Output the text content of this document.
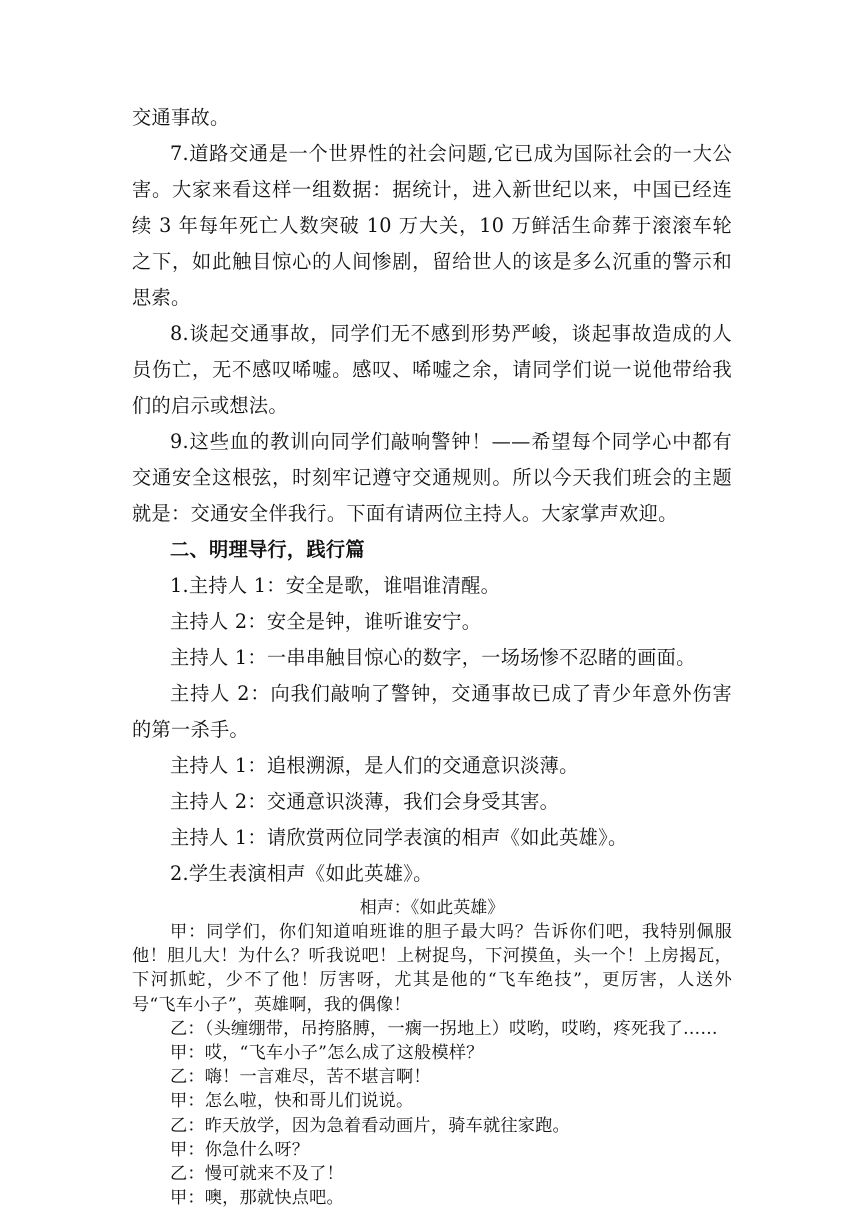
交通事故。

7.道路交通是一个世界性的社会问题,它已成为国际社会的一大公害。大家来看这样一组数据：据统计，进入新世纪以来，中国已经连续 3 年每年死亡人数突破 10 万大关，10 万鲜活生命葬于滚滚车轮之下，如此触目惊心的人间惨剧，留给世人的该是多么沉重的警示和思索。

8.谈起交通事故，同学们无不感到形势严峻，谈起事故造成的人员伤亡，无不感叹唏嘘。感叹、唏嘘之余，请同学们说一说他带给我们的启示或想法。

9.这些血的教训向同学们敲响警钟！——希望每个同学心中都有交通安全这根弦，时刻牢记遵守交通规则。所以今天我们班会的主题就是：交通安全伴我行。下面有请两位主持人。大家掌声欢迎。

二、明理导行，践行篇

1.主持人 1：安全是歌，谁唱谁清醒。

主持人 2：安全是钟，谁听谁安宁。

主持人 1：一串串触目惊心的数字，一场场惨不忍睹的画面。

主持人 2：向我们敲响了警钟，交通事故已成了青少年意外伤害的第一杀手。

主持人 1：追根溯源，是人们的交通意识淡薄。

主持人 2：交通意识淡薄，我们会身受其害。

主持人 1：请欣赏两位同学表演的相声《如此英雄》。

2.学生表演相声《如此英雄》。

相声：《如此英雄》

甲：同学们，你们知道咱班谁的胆子最大吗？告诉你们吧，我特别佩服他！胆儿大！为什么？听我说吧！上树捉鸟，下河摸鱼，头一个！上房揭瓦，下河抓蛇，少不了他！厉害呀，尤其是他的“飞车绝技”，更厉害，人送外号“飞车小子”，英雄啊，我的偶像！

乙：（头缠绷带，吊挎胳膊，一瘸一拐地上）哎哟，哎哟，疼死我了……

甲：哎，“飞车小子”怎么成了这般模样？

乙：嗨！一言难尽，苦不堪言啊！

甲：怎么啦，快和哥儿们说说。

乙：昨天放学，因为急着看动画片，骑车就往家跑。

甲：你急什么呀？

乙：慢可就来不及了！

甲：噢，那就快点吧。
